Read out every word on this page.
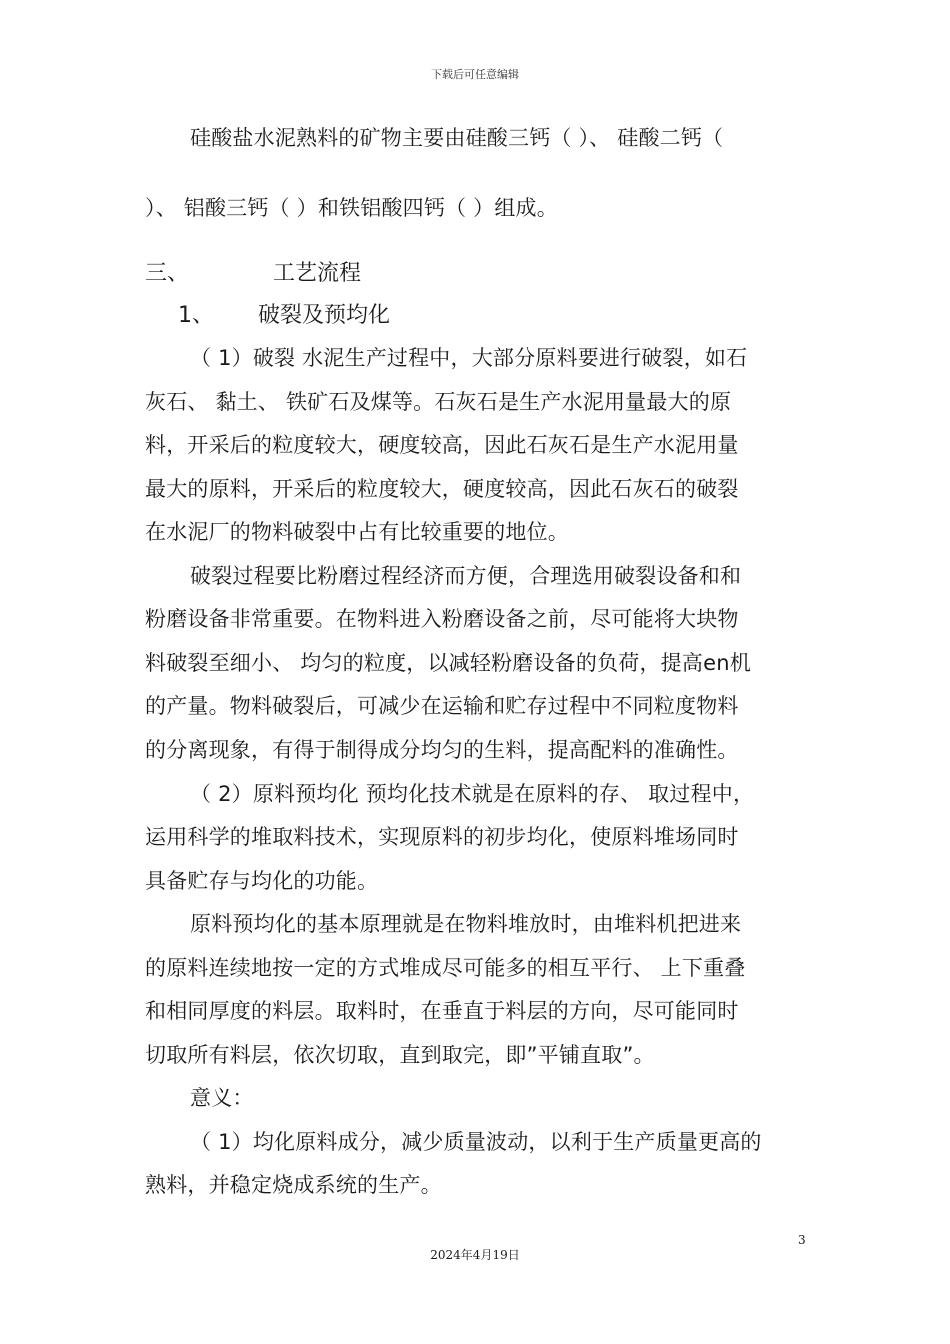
下载后可任意编辑
硅酸盐水泥熟料的矿物主要由硅酸三钙（ ）、 硅酸二钙（
）、 铝酸三钙（ ）和铁铝酸四钙（ ）组成。
三、	工艺流程
1、 破裂及预均化
（ 1）破裂 水泥生产过程中，大部分原料要进行破裂，如石
灰石、 黏土、 铁矿石及煤等。石灰石是生产水泥用量最大的原
料，开采后的粒度较大，硬度较高，因此石灰石是生产水泥用量
最大的原料，开采后的粒度较大，硬度较高，因此石灰石的破裂
在水泥厂的物料破裂中占有比较重要的地位。
破裂过程要比粉磨过程经济而方便，合理选用破裂设备和和
粉磨设备非常重要。在物料进入粉磨设备之前，尽可能将大块物
料破裂至细小、 均匀的粒度，以减轻粉磨设备的负荷，提高en机
的产量。物料破裂后，可减少在运输和贮存过程中不同粒度物料
的分离现象，有得于制得成分均匀的生料，提高配料的准确性。
（ 2）原料预均化 预均化技术就是在原料的存、 取过程中，
运用科学的堆取料技术，实现原料的初步均化，使原料堆场同时
具备贮存与均化的功能。
原料预均化的基本原理就是在物料堆放时，由堆料机把进来
的原料连续地按一定的方式堆成尽可能多的相互平行、 上下重叠
和相同厚度的料层。取料时，在垂直于料层的方向，尽可能同时
切取所有料层，依次切取，直到取完，即”平铺直取”。
意义：
（ 1）均化原料成分，减少质量波动，以利于生产质量更高的
熟料，并稳定烧成系统的生产。
3
2024年4月19日
